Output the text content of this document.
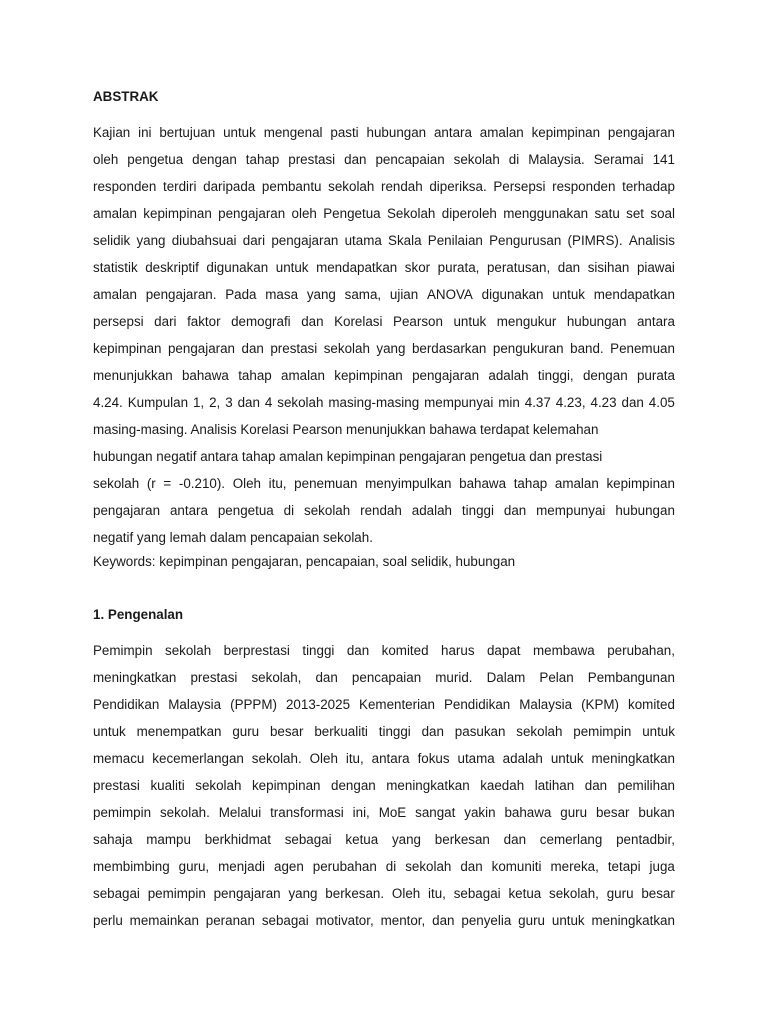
ABSTRAK
Kajian ini bertujuan untuk mengenal pasti hubungan antara amalan kepimpinan pengajaran
oleh pengetua dengan tahap prestasi dan pencapaian sekolah di Malaysia. Seramai 141
responden terdiri daripada pembantu sekolah rendah diperiksa. Persepsi responden terhadap
amalan kepimpinan pengajaran oleh Pengetua Sekolah diperoleh menggunakan satu set soal
selidik yang diubahsuai dari pengajaran utama Skala Penilaian Pengurusan (PIMRS). Analisis
statistik deskriptif digunakan untuk mendapatkan skor purata, peratusan, dan sisihan piawai
amalan pengajaran. Pada masa yang sama, ujian ANOVA digunakan untuk mendapatkan
persepsi dari faktor demografi dan Korelasi Pearson untuk mengukur hubungan antara
kepimpinan pengajaran dan prestasi sekolah yang berdasarkan pengukuran band. Penemuan
menunjukkan bahawa tahap amalan kepimpinan pengajaran adalah tinggi, dengan purata
4.24. Kumpulan 1, 2, 3 dan 4 sekolah masing-masing mempunyai min 4.37 4.23, 4.23 dan 4.05
masing-masing. Analisis Korelasi Pearson menunjukkan bahawa terdapat kelemahan
hubungan negatif antara tahap amalan kepimpinan pengajaran pengetua dan prestasi
sekolah (r = -0.210). Oleh itu, penemuan menyimpulkan bahawa tahap amalan kepimpinan
pengajaran antara pengetua di sekolah rendah adalah tinggi dan mempunyai hubungan
negatif yang lemah dalam pencapaian sekolah.
Keywords: kepimpinan pengajaran, pencapaian, soal selidik, hubungan
1. Pengenalan
Pemimpin sekolah berprestasi tinggi dan komited harus dapat membawa perubahan,
meningkatkan prestasi sekolah, dan pencapaian murid. Dalam Pelan Pembangunan
Pendidikan Malaysia (PPPM) 2013-2025 Kementerian Pendidikan Malaysia (KPM) komited
untuk menempatkan guru besar berkualiti tinggi dan pasukan sekolah pemimpin untuk
memacu kecemerlangan sekolah. Oleh itu, antara fokus utama adalah untuk meningkatkan
prestasi kualiti sekolah kepimpinan dengan meningkatkan kaedah latihan dan pemilihan
pemimpin sekolah. Melalui transformasi ini, MoE sangat yakin bahawa guru besar bukan
sahaja mampu berkhidmat sebagai ketua yang berkesan dan cemerlang pentadbir,
membimbing guru, menjadi agen perubahan di sekolah dan komuniti mereka, tetapi juga
sebagai pemimpin pengajaran yang berkesan. Oleh itu, sebagai ketua sekolah, guru besar
perlu memainkan peranan sebagai motivator, mentor, dan penyelia guru untuk meningkatkan
